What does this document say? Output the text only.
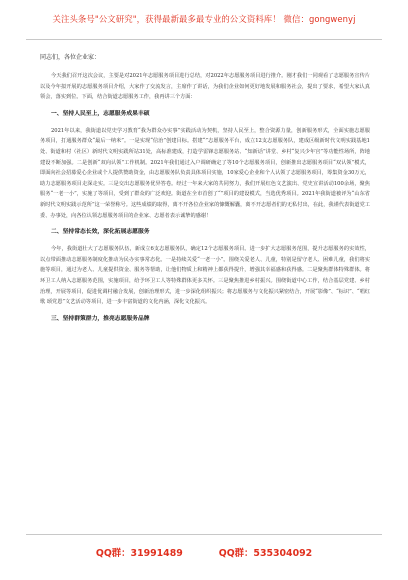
关注头条号"公文研究"，获得最新最多最专业的公文资料库！ 微信：gongwenyj
同志们，各位企业家：

今天我们召开这次会议，主要是对2021年志愿服务项目进行总结，对2022年志愿服务项目进行推介。刚才我们一同观看了志愿服务宣传片以及今年拟开展的志愿服务项目介绍，大家作了交流发言，主席作了讲话，为我们企业如何更好地发展和服务社会，提出了要求，希望大家认真领会，落实到位。下面，结合街道志愿服务工作，我再讲三个方面：

一、坚持人民至上，志愿服务成果丰硕

2021年以来，我街道以党史学习教育“我为群众办实事”实践活动为契机，坚持人民至上，整合资源力量，创新服务形式，全面实施志愿服务项目，打通服务群众“最后一纳米”。一是实现“信治”创建目标。搭建“”志愿服务平台，成立12支志愿服务队，建成区级新时代文明实践基地1处、街道和村（社区）新时代文明实践所站31处，高标准建成，打造学雷锋志愿服务站、“知新话”讲堂、乡村“复兴少年宫”等功能性场所，阵地建设不断加强。二是创新“双向认领”工作机制。2021年我们通过入户调研确定了等10个志愿服务项目，创新推出志愿服务项目“双认领”模式，即面向社会招募爱心企业或个人提供赞助资金，由志愿服务队负责具体项目实施，10家爱心企业和个人认领了志愿服务项目，筹集资金30万元，助力志愿服务项目走深走实。三是交出志愿服务优异答卷。经过一年来大家的共同努力，我们开展红色文艺演出、党史宣讲活动100余场，聚焦服务“一老一小”，实施了等项目，受到了群众的广泛欢迎。街道在全市首创了“”项目的建设模式，当选优秀项目。2021年我街道被评为“山东省新时代文明实践示范所”这一荣誉称号。这些成绩的取得，离不开各位企业家的慷慨解囊，离不开志愿者们的无私付出，在此，我谨代表街道党工委、办事处，向各位认领志愿服务项目的企业家、志愿者表示诚挚的感谢！

二、坚持常态长效，深化拓展志愿服务

今年，我街道壮大了志愿服务队伍，新成立6支志愿服务队，确定12个志愿服务项目。进一步扩大志愿服务范围，提升志愿服务的实效性，以点带面推动志愿服务制度化推动为民办实事常态化。一是持续关爱“一老一小”。围绕关爱老人、儿童，特别是留守老人、困难儿童，我们将实施等项目，通过为老人、儿童提供资金、服务等帮助，让他们物质上和精神上都获得提升，增强其幸福感和获得感。二是聚焦群体特殊群体。将环卫工人纳入志愿服务范围，实施项目，给予环卫工人等特殊群体更多关怀。三是聚焦推进乡村振兴。围绕街道中心工作，结合基层党建、乡村治理，开展等项目，促进优调村融合发展，创新治理形式，进一步深化组织振兴；将志愿服务与文化振兴紧密结合，开展“影像”、“标识”、“唱红歌 颂党恩”文艺活动等项目，进一步丰富街道的文化内涵，深化文化振兴。

三、坚持群策群力，推亮志愿服务品牌
QQ群：31991489	QQ群：535304092
